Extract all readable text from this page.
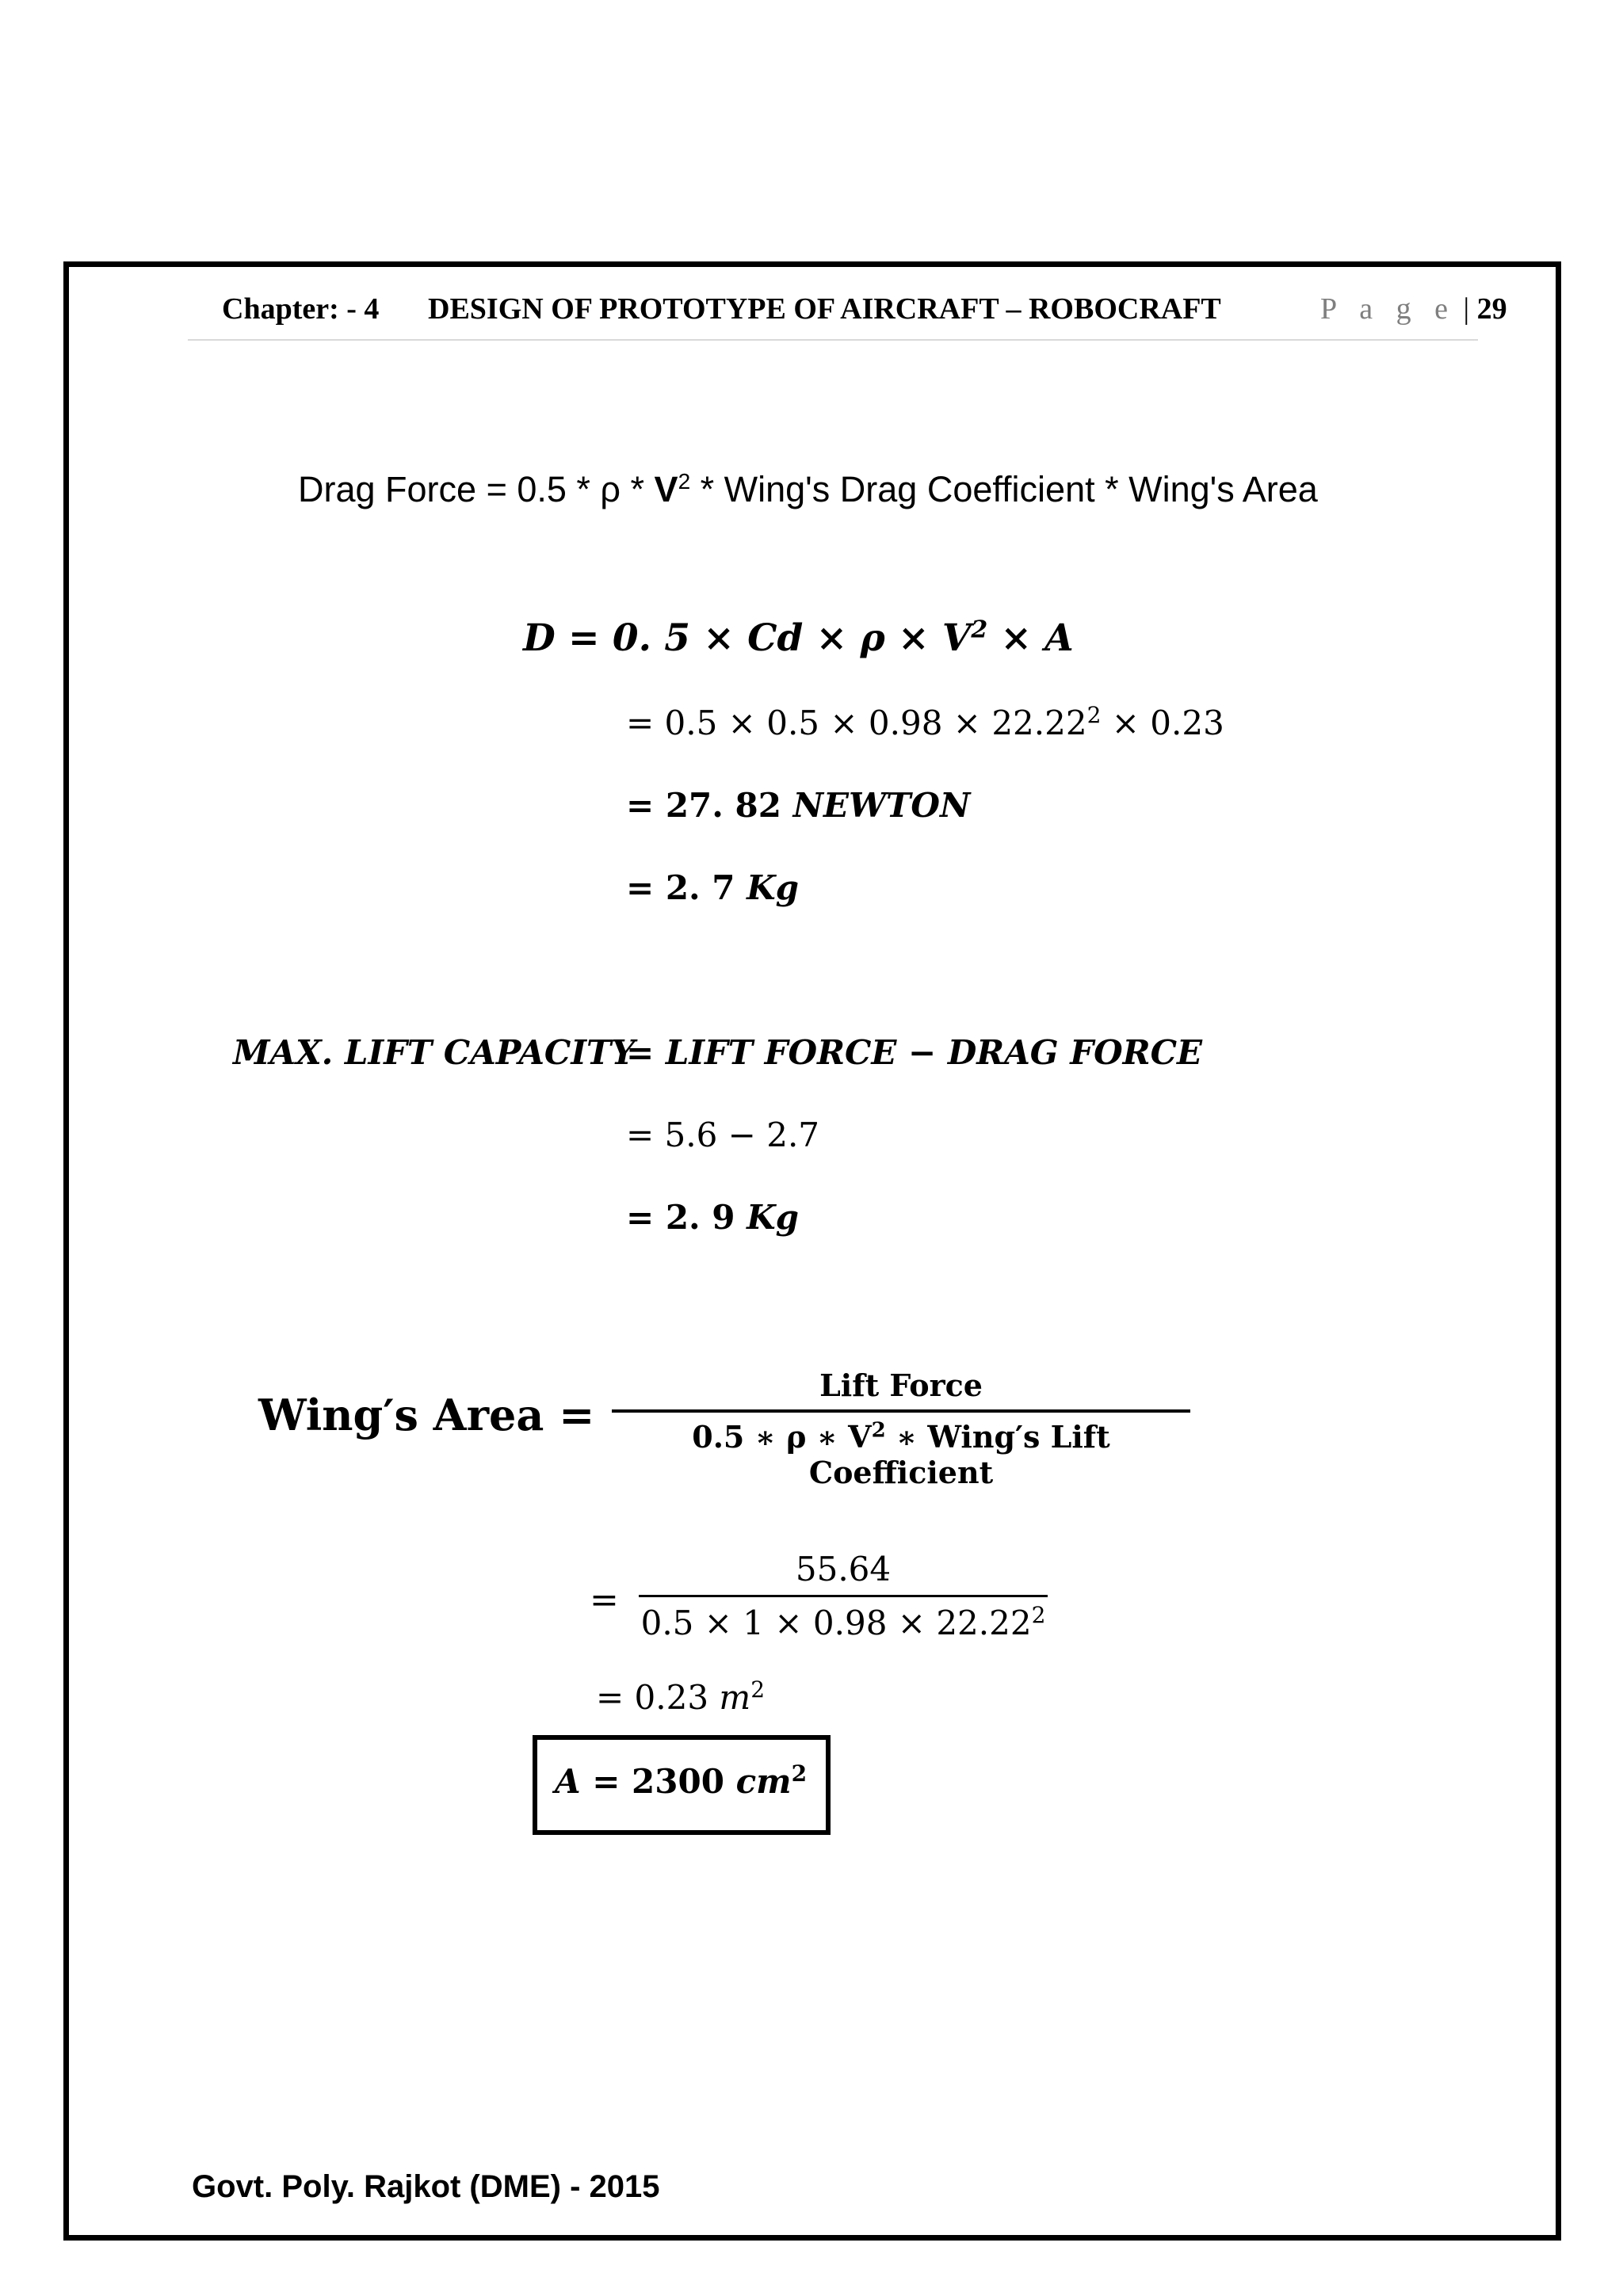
Chapter: - 4 DESIGN OF PROTOTYPE OF AIRCRAFT – ROBOCRAFT	P a g e | 29
Drag Force = 0.5 * ρ * $V^2$ * Wing's Drag Coefficient * Wing's Area
D = 0. $5 \times Cd \times \rho \times V^2 \times A$
= $0.5 \times 0.5 \times 0.98 \times 22.22^2 \times 0.23$
= 27. 82 NEWTON
= 2. 7 Kg
MAX. LIFT CAPACITY
= LIFT FORCE − DRAG FORCE
= 5.6 − 2.7
= 2. 9 Kg
Wing′s Area =
Lift Force
0.5 ∗ ρ ∗ $V^2$ ∗ Wing′s Lift Coefficient
=
55.64
$0.5 \times 1 \times 0.98 \times 22.22^2$
= 0.23 $m^2$
A = 2300 $cm^2$
Govt. Poly. Rajkot (DME) - 2015
